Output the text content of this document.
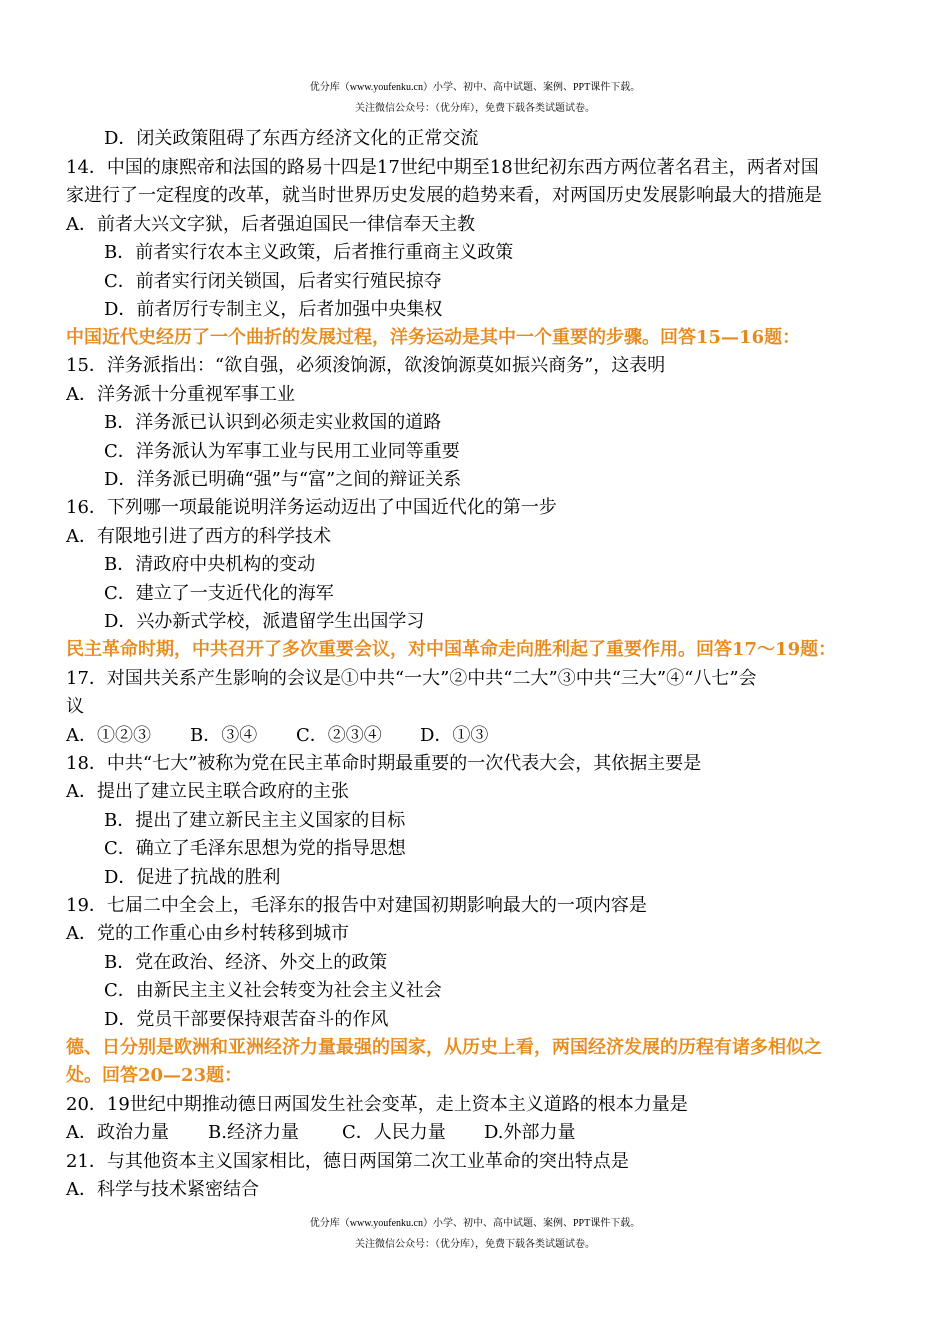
优分库（www.youfenku.cn）小学、初中、高中试题、案例、PPT课件下载。
关注微信公众号：（优分库），免费下载各类试题试卷。
D．闭关政策阻碍了东西方经济文化的正常交流
14．中国的康熙帝和法国的路易十四是17世纪中期至18世纪初东西方两位著名君主，两者对国
家进行了一定程度的改革，就当时世界历史发展的趋势来看，对两国历史发展影响最大的措施是
A．前者大兴文字狱，后者强迫国民一律信奉天主教
B．前者实行农本主义政策，后者推行重商主义政策
C．前者实行闭关锁国，后者实行殖民掠夺
D．前者厉行专制主义，后者加强中央集权
中国近代史经历了一个曲折的发展过程，洋务运动是其中一个重要的步骤。回答15—16题：
15．洋务派指出：“欲自强，必须浚饷源，欲浚饷源莫如振兴商务”，这表明
A．洋务派十分重视军事工业
B．洋务派已认识到必须走实业救国的道路
C．洋务派认为军事工业与民用工业同等重要
D．洋务派已明确“强”与“富”之间的辩证关系
16．下列哪一项最能说明洋务运动迈出了中国近代化的第一步
A．有限地引进了西方的科学技术
B．清政府中央机构的变动
C．建立了一支近代化的海军
D．兴办新式学校，派遣留学生出国学习
民主革命时期，中共召开了多次重要会议，对中国革命走向胜利起了重要作用。回答17～19题：
17．对国共关系产生影响的会议是①中共“一大”②中共“二大”③中共“三大”④“八七”会
议
A．①②③ B．③④ C．②③④ D．①③
18．中共“七大”被称为党在民主革命时期最重要的一次代表大会，其依据主要是
A．提出了建立民主联合政府的主张
B．提出了建立新民主主义国家的目标
C．确立了毛泽东思想为党的指导思想
D．促进了抗战的胜利
19．七届二中全会上，毛泽东的报告中对建国初期影响最大的一项内容是
A．党的工作重心由乡村转移到城市
B．党在政治、经济、外交上的政策
C．由新民主主义社会转变为社会主义社会
D．党员干部要保持艰苦奋斗的作风
德、日分别是欧洲和亚洲经济力量最强的国家，从历史上看，两国经济发展的历程有诸多相似之
处。回答20—23题：
20．19世纪中期推动德日两国发生社会变革，走上资本主义道路的根本力量是
A．政治力量 B.经济力量 C．人民力量 D.外部力量
21．与其他资本主义国家相比，德日两国第二次工业革命的突出特点是
A．科学与技术紧密结合
优分库（www.youfenku.cn）小学、初中、高中试题、案例、PPT课件下载。
关注微信公众号：（优分库），免费下载各类试题试卷。
